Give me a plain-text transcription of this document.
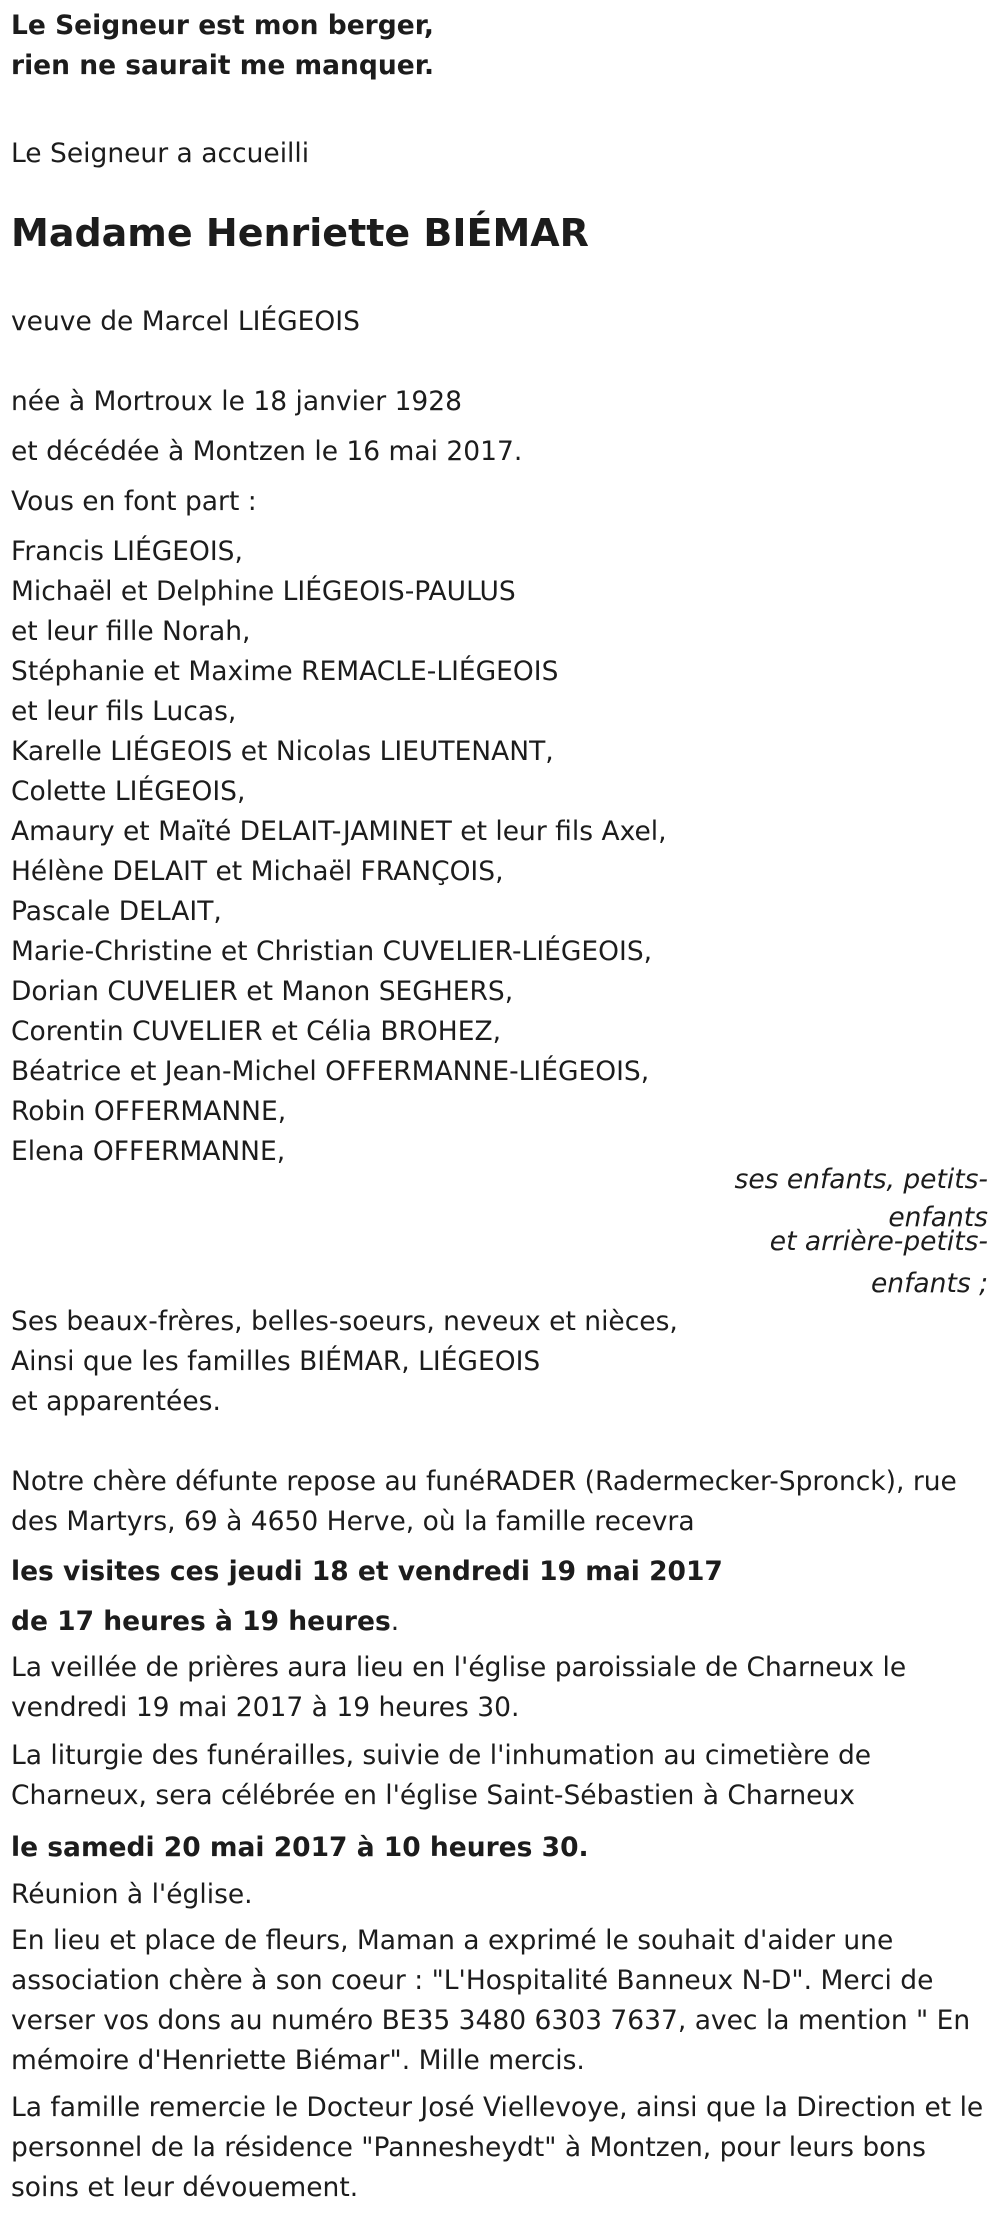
Le Seigneur est mon berger,
rien ne saurait me manquer.
Le Seigneur a accueilli
Madame Henriette BIÉMAR
veuve de Marcel LIÉGEOIS
née à Mortroux le 18 janvier 1928
et décédée à Montzen le 16 mai 2017.
Vous en font part :
Francis LIÉGEOIS,
Michaël et Delphine LIÉGEOIS-PAULUS
et leur fille Norah,
Stéphanie et Maxime REMACLE-LIÉGEOIS
et leur fils Lucas,
Karelle LIÉGEOIS et Nicolas LIEUTENANT,
Colette LIÉGEOIS,
Amaury et Maïté DELAIT-JAMINET et leur fils Axel,
Hélène DELAIT et Michaël FRANÇOIS,
Pascale DELAIT,
Marie-Christine et Christian CUVELIER-LIÉGEOIS,
Dorian CUVELIER et Manon SEGHERS,
Corentin CUVELIER et Célia BROHEZ,
Béatrice et Jean-Michel OFFERMANNE-LIÉGEOIS,
Robin OFFERMANNE,
Elena OFFERMANNE,
ses enfants, petits-
enfants
et arrière-petits-
enfants ;
Ses beaux-frères, belles-soeurs, neveux et nièces,
Ainsi que les familles BIÉMAR, LIÉGEOIS
et apparentées.

Notre chère défunte repose au funéRADER (Radermecker-Spronck), rue des Martyrs, 69 à 4650 Herve, où la famille recevra

les visites ces jeudi 18 et vendredi 19 mai 2017
de 17 heures à 19 heures.

La veillée de prières aura lieu en l'église paroissiale de Charneux le vendredi 19 mai 2017 à 19 heures 30.

La liturgie des funérailles, suivie de l'inhumation au cimetière de Charneux, sera célébrée en l'église Saint-Sébastien à Charneux

le samedi 20 mai 2017 à 10 heures 30.
Réunion à l'église.

En lieu et place de fleurs, Maman a exprimé le souhait d'aider une association chère à son coeur : "L'Hospitalité Banneux N-D". Merci de verser vos dons au numéro BE35 3480 6303 7637, avec la mention " En mémoire d'Henriette Biémar". Mille mercis.

La famille remercie le Docteur José Viellevoye, ainsi que la Direction et le personnel de la résidence "Pannesheydt" à Montzen, pour leurs bons soins et leur dévouement.
